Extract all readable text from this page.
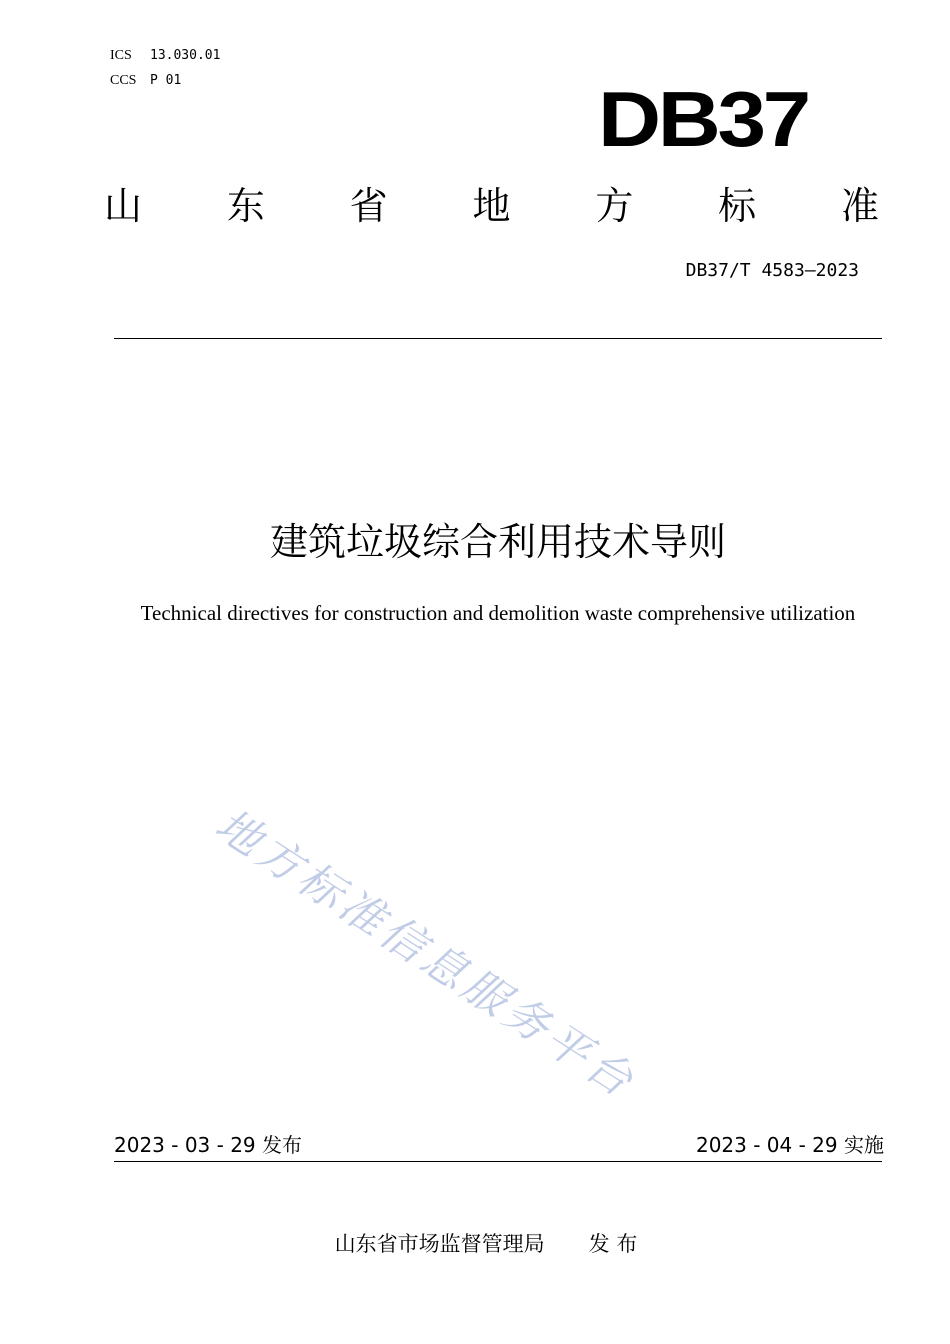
ICS 13.030.01
CCS P 01	DB37
山 东 省 地 方 标 准
DB37/T 4583—2023
建筑垃圾综合利用技术导则
Technical directives for construction and demolition waste comprehensive utilization
地方标准信息服务平台
2023 - 03 - 29 发布	2023 - 04 - 29 实施
山东省市场监督管理局 发 布
